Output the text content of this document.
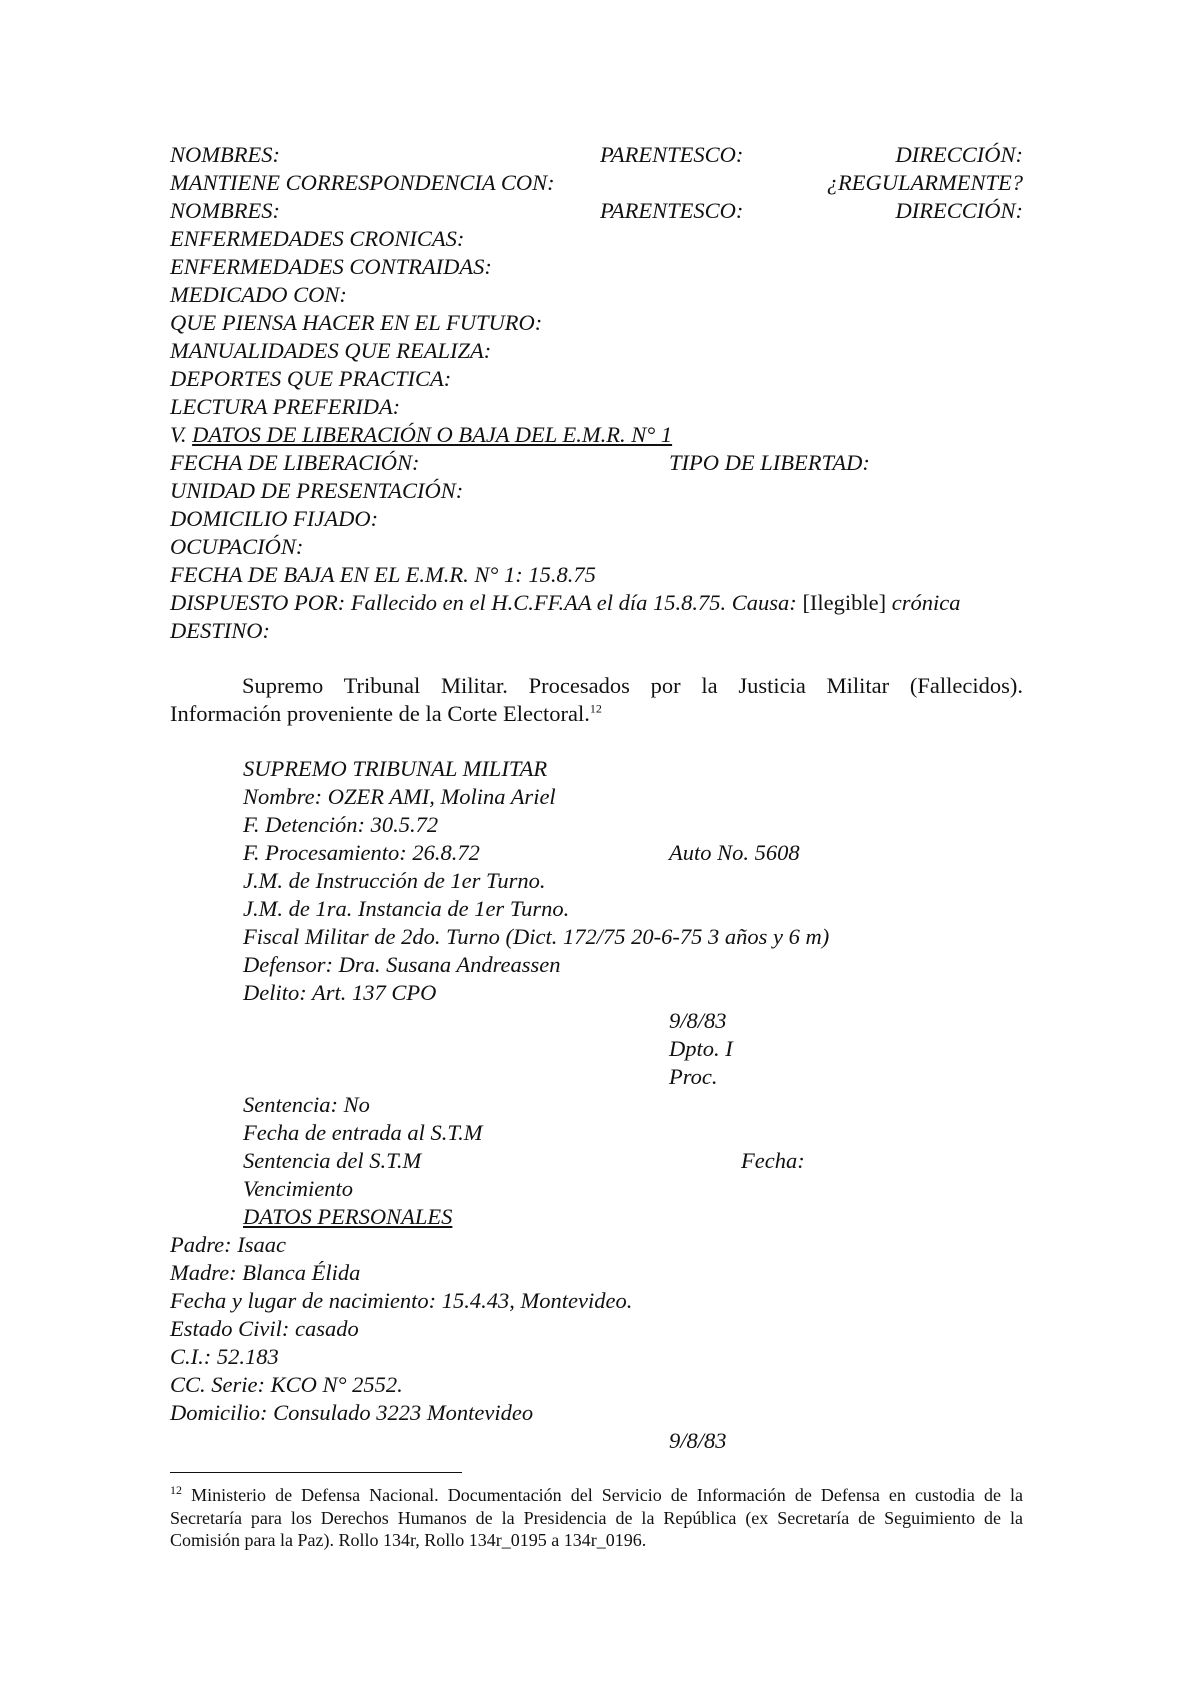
NOMBRES:	PARENTESCO:	DIRECCIÓN:
MANTIENE CORRESPONDENCIA CON:	¿REGULARMENTE?
NOMBRES:	PARENTESCO:	DIRECCIÓN:
ENFERMEDADES CRONICAS:
ENFERMEDADES CONTRAIDAS:
MEDICADO CON:
QUE PIENSA HACER EN EL FUTURO:
MANUALIDADES QUE REALIZA:
DEPORTES QUE PRACTICA:
LECTURA PREFERIDA:
V. DATOS DE LIBERACIÓN O BAJA DEL E.M.R. N° 1
FECHA DE LIBERACIÓN:	TIPO DE LIBERTAD:
UNIDAD DE PRESENTACIÓN:
DOMICILIO FIJADO:
OCUPACIÓN:
FECHA DE BAJA EN EL E.M.R. N° 1: 15.8.75
DISPUESTO POR: Fallecido en el H.C.FF.AA el día 15.8.75. Causa: [Ilegible] crónica
DESTINO:
Supremo Tribunal Militar. Procesados por la Justicia Militar (Fallecidos).
Información proveniente de la Corte Electoral.$^{12}$
SUPREMO TRIBUNAL MILITAR
Nombre: OZER AMI, Molina Ariel
F. Detención: 30.5.72
F. Procesamiento: 26.8.72	Auto No. 5608
J.M. de Instrucción de 1er Turno.
J.M. de 1ra. Instancia de 1er Turno.
Fiscal Militar de 2do. Turno (Dict. 172/75 20-6-75 3 años y 6 m)
Defensor: Dra. Susana Andreassen
Delito: Art. 137 CPO
9/8/83
Dpto. I
Proc.
Sentencia: No
Fecha de entrada al S.T.M
Sentencia del S.T.M	Fecha:
Vencimiento
DATOS PERSONALES
Padre: Isaac
Madre: Blanca Élida
Fecha y lugar de nacimiento: 15.4.43, Montevideo.
Estado Civil: casado
C.I.: 52.183
CC. Serie: KCO N° 2552.
Domicilio: Consulado 3223 Montevideo
9/8/83
$^{12}$ Ministerio de Defensa Nacional. Documentación del Servicio de Información de Defensa en custodia de la Secretaría para los Derechos Humanos de la Presidencia de la República (ex Secretaría de Seguimiento de la Comisión para la Paz). Rollo 134r, Rollo 134r_0195 a 134r_0196.
